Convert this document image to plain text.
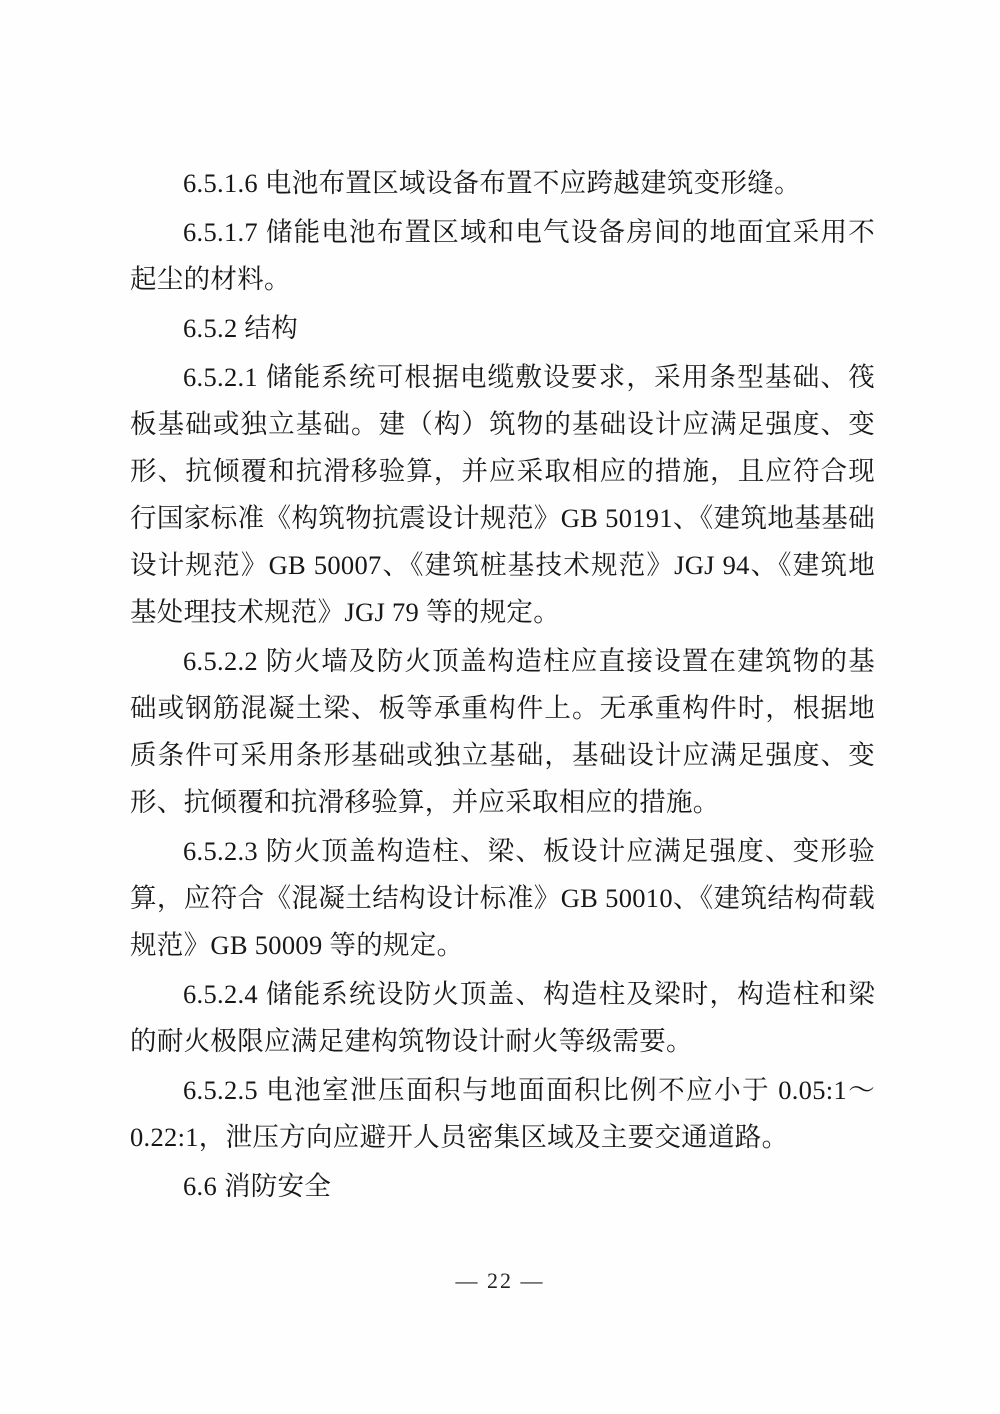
6.5.1.6 电池布置区域设备布置不应跨越建筑变形缝。

6.5.1.7 储能电池布置区域和电气设备房间的地面宜采用不起尘的材料。

6.5.2 结构

6.5.2.1 储能系统可根据电缆敷设要求，采用条型基础、筏板基础或独立基础。建（构）筑物的基础设计应满足强度、变形、抗倾覆和抗滑移验算，并应采取相应的措施，且应符合现行国家标准《构筑物抗震设计规范》GB 50191、《建筑地基基础设计规范》GB 50007、《建筑桩基技术规范》JGJ 94、《建筑地基处理技术规范》JGJ 79 等的规定。

6.5.2.2 防火墙及防火顶盖构造柱应直接设置在建筑物的基础或钢筋混凝土梁、板等承重构件上。无承重构件时，根据地质条件可采用条形基础或独立基础，基础设计应满足强度、变形、抗倾覆和抗滑移验算，并应采取相应的措施。

6.5.2.3 防火顶盖构造柱、梁、板设计应满足强度、变形验算，应符合《混凝土结构设计标准》GB 50010、《建筑结构荷载规范》GB 50009 等的规定。

6.5.2.4 储能系统设防火顶盖、构造柱及梁时，构造柱和梁的耐火极限应满足建构筑物设计耐火等级需要。

6.5.2.5 电池室泄压面积与地面面积比例不应小于 0.05:1～0.22:1，泄压方向应避开人员密集区域及主要交通道路。

6.6 消防安全

— 22 —
